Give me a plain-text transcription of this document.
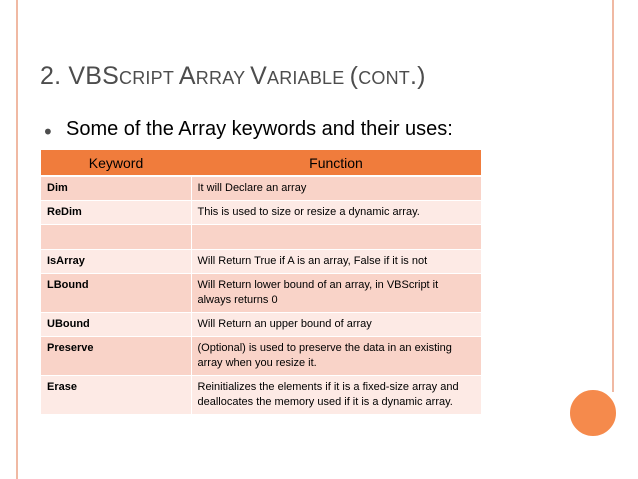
2. VBSCRIPT ARRAY VARIABLE (CONT.)
• Some of the Array keywords and their uses:
Keyword	Function
Dim	It will Declare an array
ReDim	This is used to size or resize a dynamic array.

IsArray	Will Return True if A is an array, False if it is not
LBound	Will Return lower bound of an array, in VBScript it always returns 0
UBound	Will Return an upper bound of array
Preserve	(Optional) is used to preserve the data in an existing array when you resize it.
Erase	Reinitializes the elements if it is a fixed-size array and deallocates the memory used if it is a dynamic array.
